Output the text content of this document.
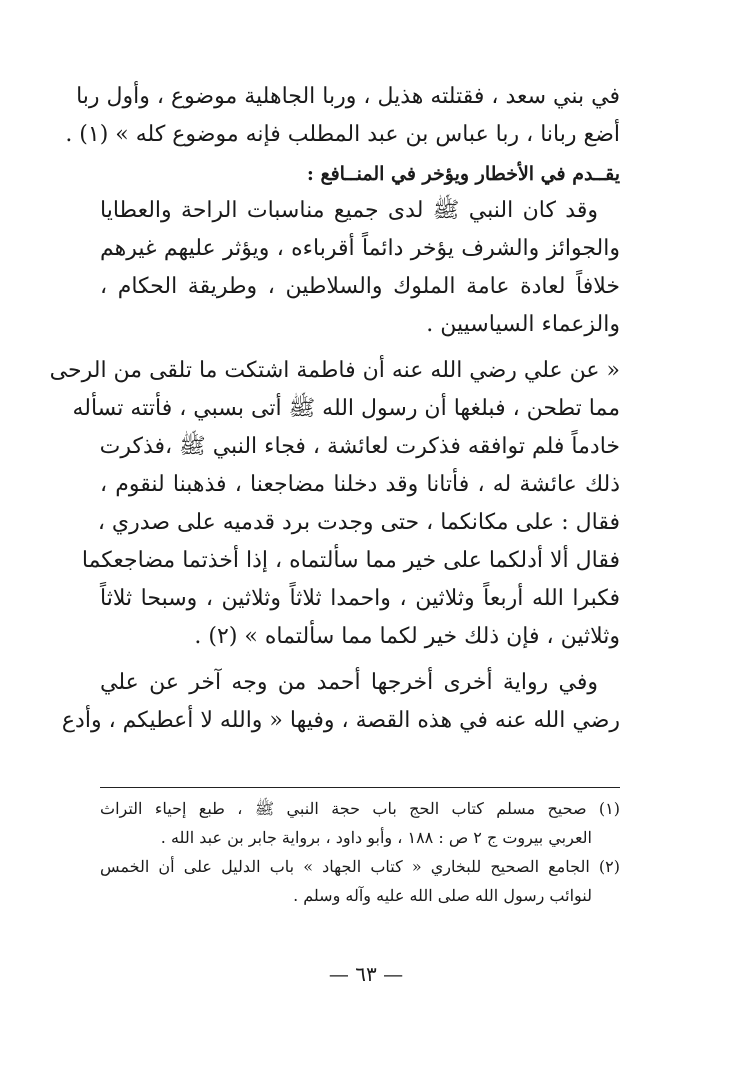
في بني سعد ، فقتلته هذيل ، وربا الجاهلية موضوع ، وأول ربا
أضع ربانا ، ربا عباس بن عبد المطلب فإنه موضوع كله » (١) .
يقــدم في الأخطار ويؤخر في المنــافع :
وقد كان النبي ﷺ لدى جميع مناسبات الراحة والعطايا
والجوائز والشرف يؤخر دائماً أقرباءه ، ويؤثر عليهم غيرهم
خلافاً لعادة عامة الملوك والسلاطين ، وطريقة الحكام ،
والزعماء السياسيين .
« عن علي رضي الله عنه أن فاطمة اشتكت ما تلقى من الرحى
مما تطحن ، فبلغها أن رسول الله ﷺ أتى بسبي ، فأتته تسأله
خادماً فلم توافقه فذكرت لعائشة ، فجاء النبي ﷺ ،فذكرت
ذلك عائشة له ، فأتانا وقد دخلنا مضاجعنا ، فذهبنا لنقوم ،
فقال : على مكانكما ، حتى وجدت برد قدميه على صدري ،
فقال ألا أدلكما على خير مما سألتماه ، إذا أخذتما مضاجعكما
فكبرا الله أربعاً وثلاثين ، واحمدا ثلاثاً وثلاثين ، وسبحا ثلاثاً
وثلاثين ، فإن ذلك خير لكما مما سألتماه » (٢) .
وفي رواية أخرى أخرجها أحمد من وجه آخر عن علي
رضي الله عنه في هذه القصة ، وفيها « والله لا أعطيكم ، وأدع
(١) صحيح مسلم كتاب الحج باب حجة النبي ﷺ ، طبع إحياء التراث
العربي بيروت ج ٢ ص : ١٨٨ ، وأبو داود ، برواية جابر بن عبد الله .
(٢) الجامع الصحيح للبخاري « كتاب الجهاد » باب الدليل على أن الخمس
لنوائب رسول الله صلى الله عليه وآله وسلم .
— ٦٣ —
